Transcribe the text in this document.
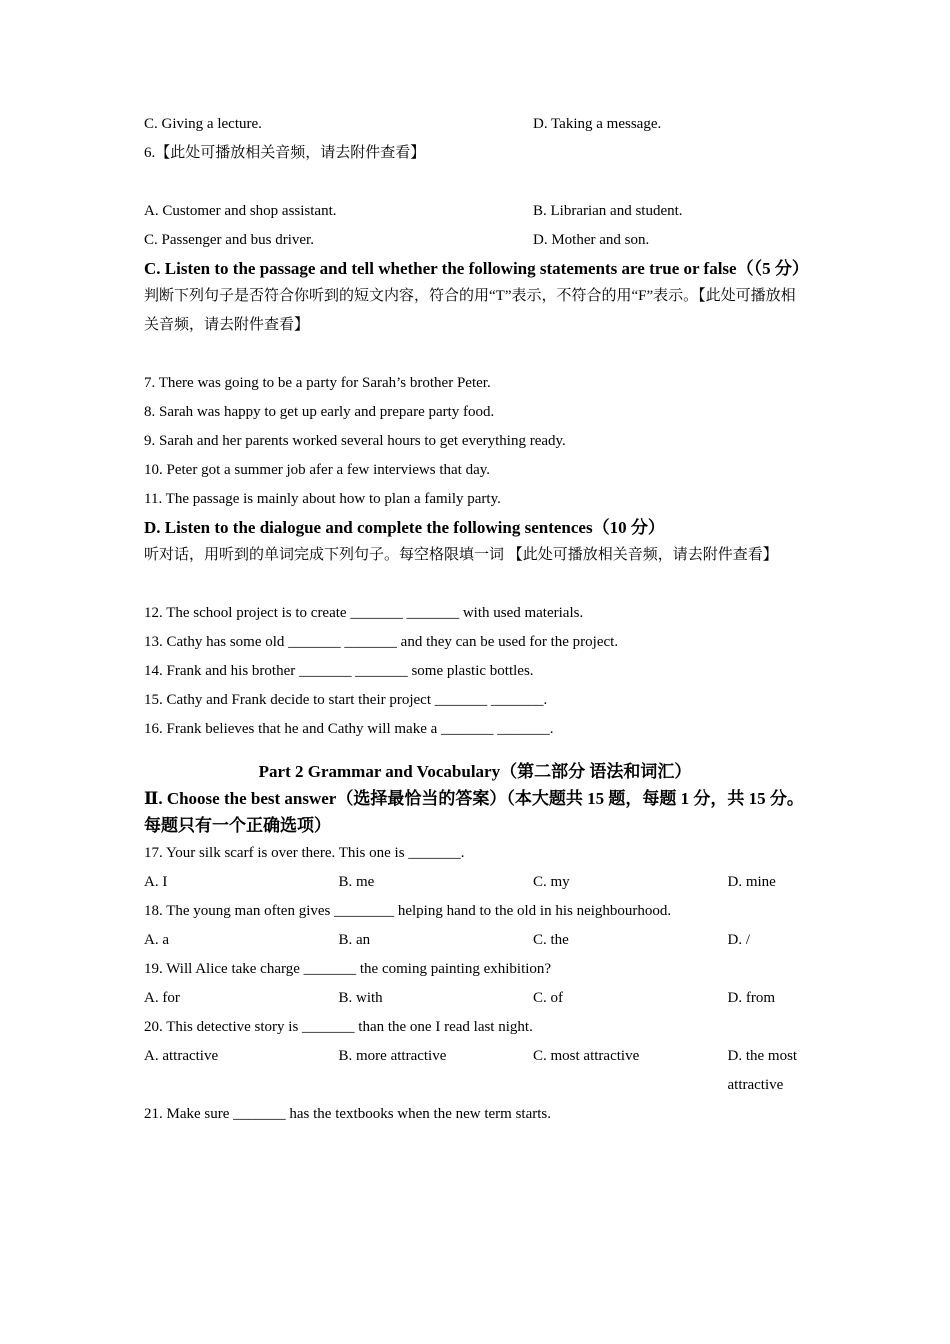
C. Giving a lecture.	D. Taking a message.
6.【此处可播放相关音频，请去附件查看】
A. Customer and shop assistant.	B. Librarian and student.
C. Passenger and bus driver.	D. Mother and son.
C. Listen to the passage and tell whether the following statements are true or false（（5 分）
判断下列句子是否符合你听到的短文内容，符合的用“T”表示，不符合的用“F”表示。【此处可播放相关音频，请去附件查看】
7. There was going to be a party for Sarah’s brother Peter.
8. Sarah was happy to get up early and prepare party food.
9. Sarah and her parents worked several hours to get everything ready.
10. Peter got a summer job afer a few interviews that day.
11. The passage is mainly about how to plan a family party.
D. Listen to the dialogue and complete the following sentences（10 分）
听对话，用听到的单词完成下列句子。每空格限填一词 【此处可播放相关音频，请去附件查看】
12. The school project is to create _______ _______ with used materials.
13. Cathy has some old _______ _______ and they can be used for the project.
14. Frank and his brother _______ _______ some plastic bottles.
15. Cathy and Frank decide to start their project _______ _______.
16. Frank believes that he and Cathy will make a _______ _______.
Part 2 Grammar and Vocabulary（第二部分 语法和词汇）
Ⅱ. Choose the best answer（选择最恰当的答案）（本大题共 15 题，每题 1 分，共 15 分。每题只有一个正确选项）
17. Your silk scarf is over there. This one is _______.
A. I	B. me	C. my	D. mine
18. The young man often gives ________ helping hand to the old in his neighbourhood.
A. a	B. an	C. the	D. /
19. Will Alice take charge _______ the coming painting exhibition?
A. for	B. with	C. of	D. from
20. This detective story is _______ than the one I read last night.
A. attractive	B. more attractive	C. most attractive	D. the most attractive
21. Make sure _______ has the textbooks when the new term starts.
